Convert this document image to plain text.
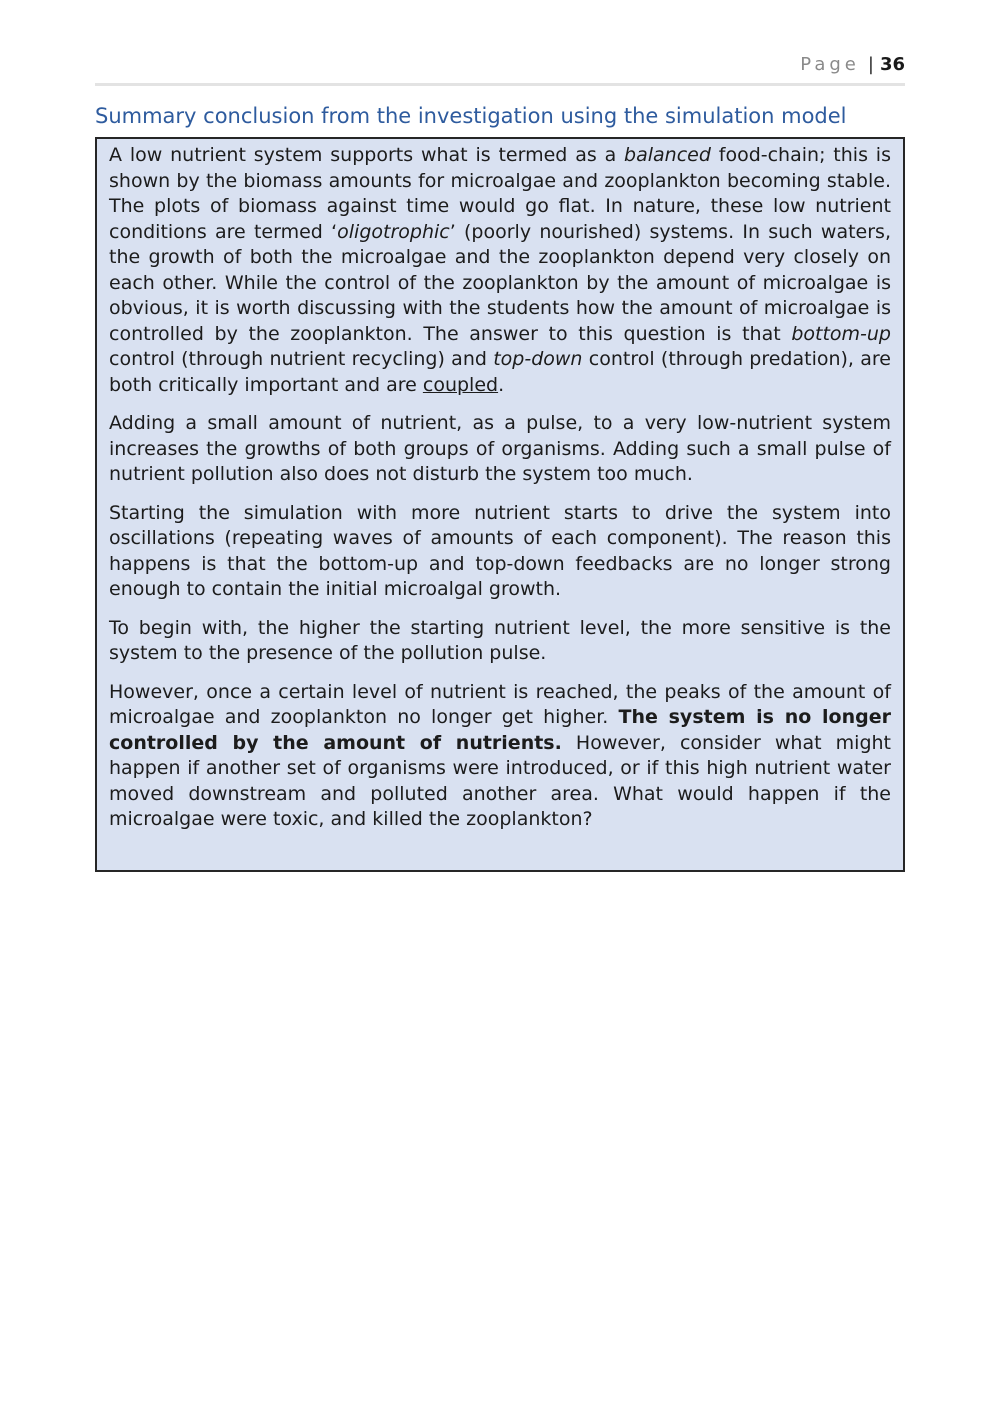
Page | 36
Summary conclusion from the investigation using the simulation model

A low nutrient system supports what is termed as a balanced food-chain; this is shown by the biomass amounts for microalgae and zooplankton becoming stable. The plots of biomass against time would go flat. In nature, these low nutrient conditions are termed ‘oligotrophic’ (poorly nourished) systems. In such waters, the growth of both the microalgae and the zooplankton depend very closely on each other. While the control of the zooplankton by the amount of microalgae is obvious, it is worth discussing with the students how the amount of microalgae is controlled by the zooplankton. The answer to this question is that bottom-up control (through nutrient recycling) and top-down control (through predation), are both critically important and are coupled.

Adding a small amount of nutrient, as a pulse, to a very low-nutrient system increases the growths of both groups of organisms. Adding such a small pulse of nutrient pollution also does not disturb the system too much.

Starting the simulation with more nutrient starts to drive the system into oscillations (repeating waves of amounts of each component). The reason this happens is that the bottom-up and top-down feedbacks are no longer strong enough to contain the initial microalgal growth.

To begin with, the higher the starting nutrient level, the more sensitive is the system to the presence of the pollution pulse.

However, once a certain level of nutrient is reached, the peaks of the amount of microalgae and zooplankton no longer get higher. The system is no longer controlled by the amount of nutrients. However, consider what might happen if another set of organisms were introduced, or if this high nutrient water moved downstream and polluted another area. What would happen if the microalgae were toxic, and killed the zooplankton?
